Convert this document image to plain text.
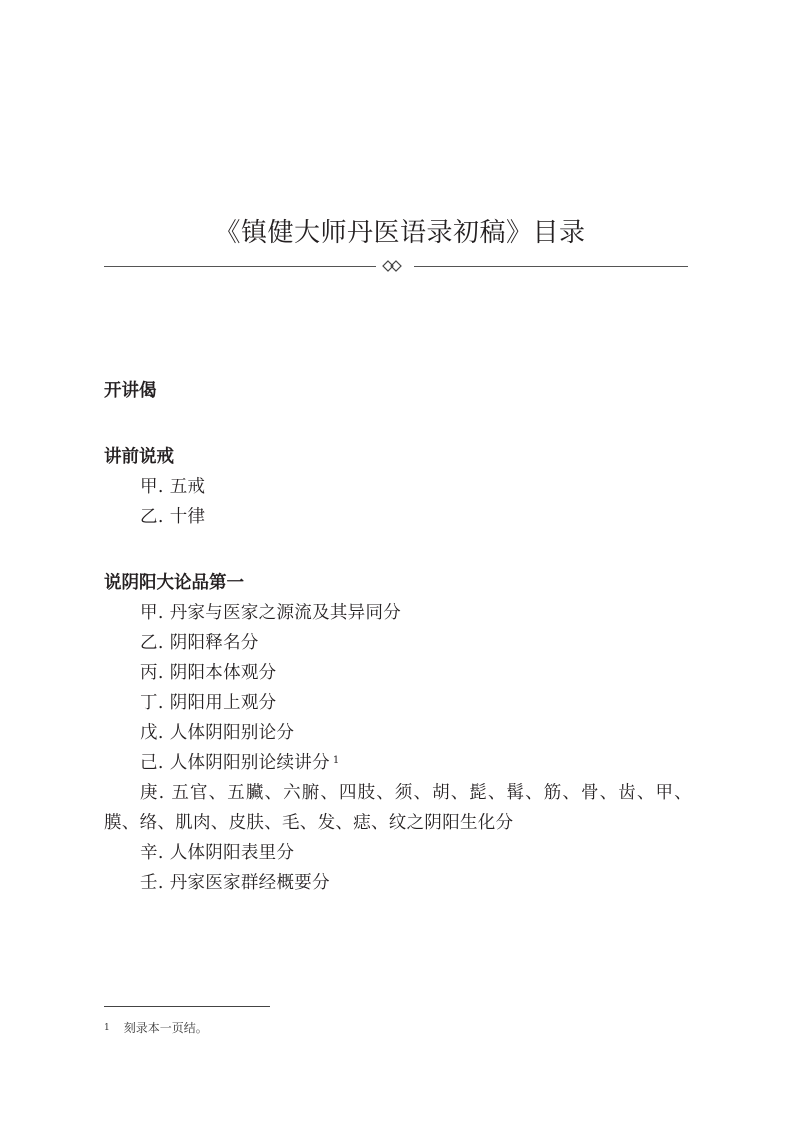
《镇健大师丹医语录初稿》目录
开讲偈
讲前说戒
甲. 五戒
乙. 十律
说阴阳大论品第一
甲. 丹家与医家之源流及其异同分
乙. 阴阳释名分
丙. 阴阳本体观分
丁. 阴阳用上观分
戊. 人体阴阳别论分
己. 人体阴阳别论续讲分 $^1$
庚. 五官、五臟、六腑、四肢、须、胡、髭、髯、筋、骨、齿、甲、膜、络、肌肉、皮肤、毛、发、痣、纹之阴阳生化分
辛. 人体阴阳表里分
壬. 丹家医家群经概要分
$^1$ 刻录本一页结。
